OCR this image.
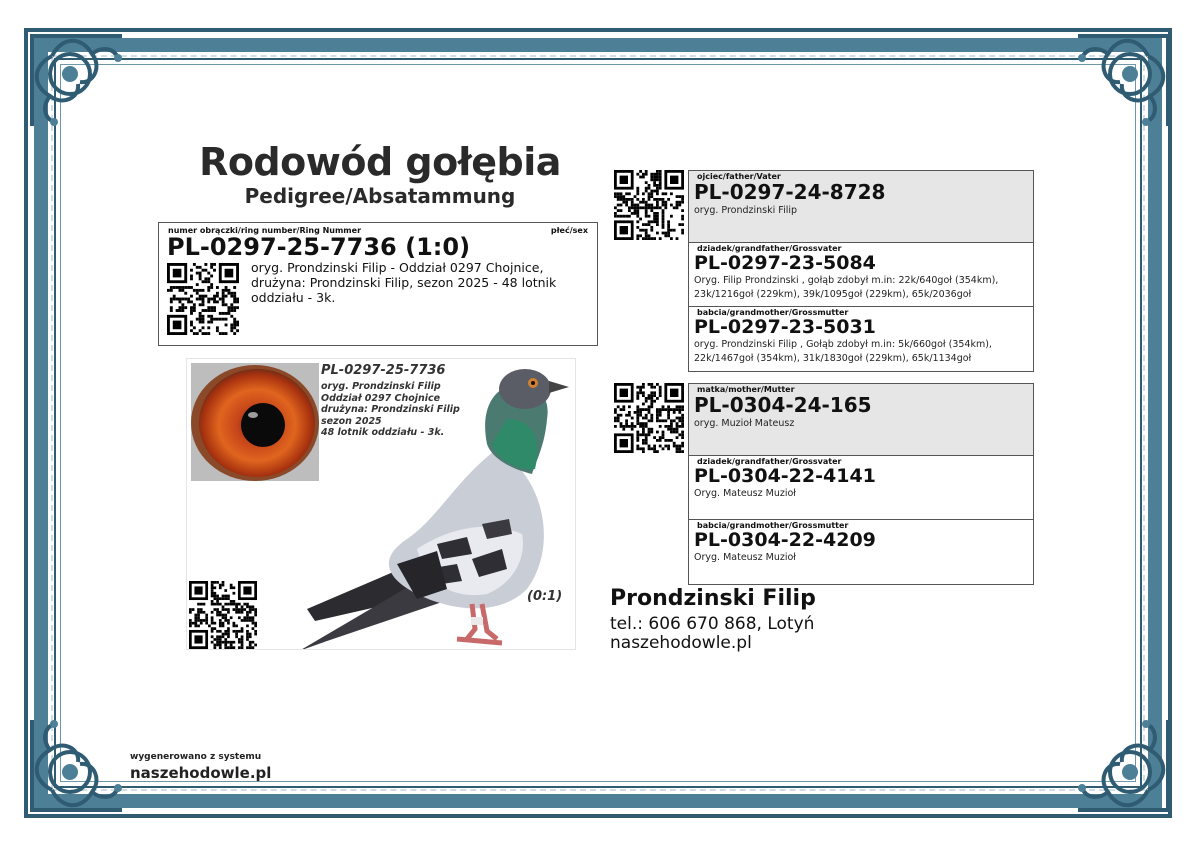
Rodowód gołębia
Pedigree/Absatammung
numer obrączki/ring number/Ring Nummer	płeć/sex
PL-0297-25-7736 (1:0)
oryg. Prondzinski Filip - Oddział 0297 Chojnice, drużyna: Prondzinski Filip, sezon 2025 - 48 lotnik oddziału - 3k.
PL-0297-25-7736
oryg. Prondzinski Filip
Oddział 0297 Chojnice
drużyna: Prondzinski Filip
sezon 2025
48 lotnik oddziału - 3k.
(0:1)
ojciec/father/Vater
PL-0297-24-8728
oryg. Prondzinski Filip
dziadek/grandfather/Grossvater
PL-0297-23-5084
Oryg. Filip Prondzinski , gołąb zdobył m.in: 22k/640goł (354km), 23k/1216goł (229km), 39k/1095goł (229km), 65k/2036goł
babcia/grandmother/Grossmutter
PL-0297-23-5031
oryg. Prondzinski Filip , Gołąb zdobył m.in: 5k/660goł (354km), 22k/1467goł (354km), 31k/1830goł (229km), 65k/1134goł
matka/mother/Mutter
PL-0304-24-165
oryg. Muzioł Mateusz
dziadek/grandfather/Grossvater
PL-0304-22-4141
Oryg. Mateusz Muzioł
babcia/grandmother/Grossmutter
PL-0304-22-4209
Oryg. Mateusz Muzioł
Prondzinski Filip
tel.: 606 670 868, Lotyń
naszehodowle.pl
wygenerowano z systemu
naszehodowle.pl
